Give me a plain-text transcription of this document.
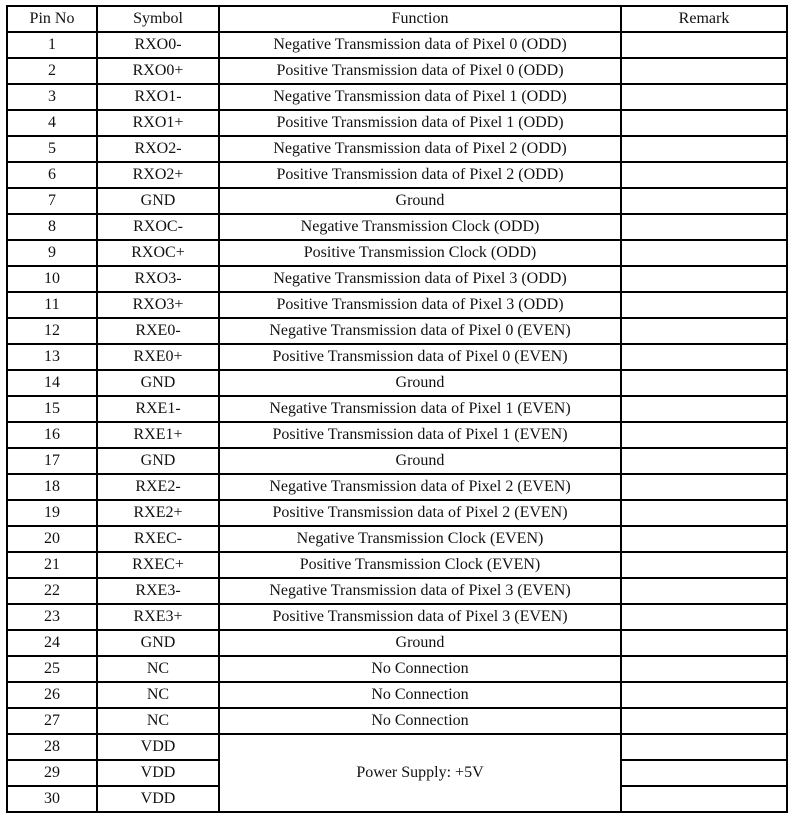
Pin No	Symbol	Function	Remark
1	RXO0-	Negative Transmission data of Pixel 0 (ODD)	
2	RXO0+	Positive Transmission data of Pixel 0 (ODD)	
3	RXO1-	Negative Transmission data of Pixel 1 (ODD)	
4	RXO1+	Positive Transmission data of Pixel 1 (ODD)	
5	RXO2-	Negative Transmission data of Pixel 2 (ODD)	
6	RXO2+	Positive Transmission data of Pixel 2 (ODD)	
7	GND	Ground	
8	RXOC-	Negative Transmission Clock (ODD)	
9	RXOC+	Positive Transmission Clock (ODD)	
10	RXO3-	Negative Transmission data of Pixel 3 (ODD)	
11	RXO3+	Positive Transmission data of Pixel 3 (ODD)	
12	RXE0-	Negative Transmission data of Pixel 0 (EVEN)	
13	RXE0+	Positive Transmission data of Pixel 0 (EVEN)	
14	GND	Ground	
15	RXE1-	Negative Transmission data of Pixel 1 (EVEN)	
16	RXE1+	Positive Transmission data of Pixel 1 (EVEN)	
17	GND	Ground	
18	RXE2-	Negative Transmission data of Pixel 2 (EVEN)	
19	RXE2+	Positive Transmission data of Pixel 2 (EVEN)	
20	RXEC-	Negative Transmission Clock (EVEN)	
21	RXEC+	Positive Transmission Clock (EVEN)	
22	RXE3-	Negative Transmission data of Pixel 3 (EVEN)	
23	RXE3+	Positive Transmission data of Pixel 3 (EVEN)	
24	GND	Ground	
25	NC	No Connection	
26	NC	No Connection	
27	NC	No Connection	
28	VDD	Power Supply: +5V	
29	VDD		
30	VDD		
